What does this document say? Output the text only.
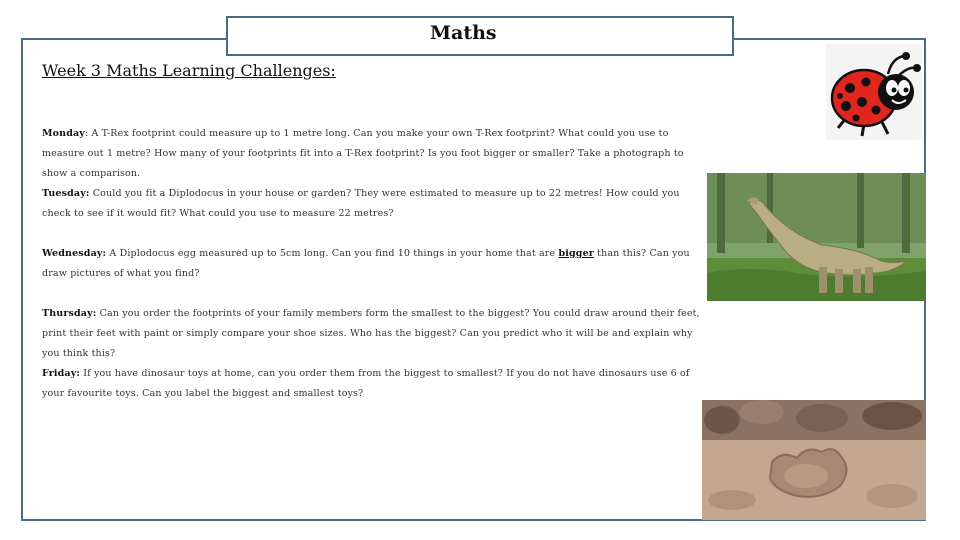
Maths
Week 3 Maths Learning Challenges:
Monday: A T-Rex footprint could measure up to 1 metre long. Can you make your own T-Rex footprint? What could you use to measure out 1 metre? How many of your footprints fit into a T-Rex footprint? Is you foot bigger or smaller? Take a photograph to show a comparison.
Tuesday: Could you fit a Diplodocus in your house or garden? They were estimated to measure up to 22 metres! How could you check to see if it would fit? What could you use to measure 22 metres?
Wednesday: A Diplodocus egg measured up to 5cm long. Can you find 10 things in your home that are bigger than this? Can you draw pictures of what you find?
Thursday: Can you order the footprints of your family members form the smallest to the biggest? You could draw around their feet, print their feet with paint or simply compare your shoe sizes. Who has the biggest? Can you predict who it will be and explain why you think this?
Friday: If you have dinosaur toys at home, can you order them from the biggest to smallest? If you do not have dinosaurs use 6 of your favourite toys. Can you label the biggest and smallest toys?
